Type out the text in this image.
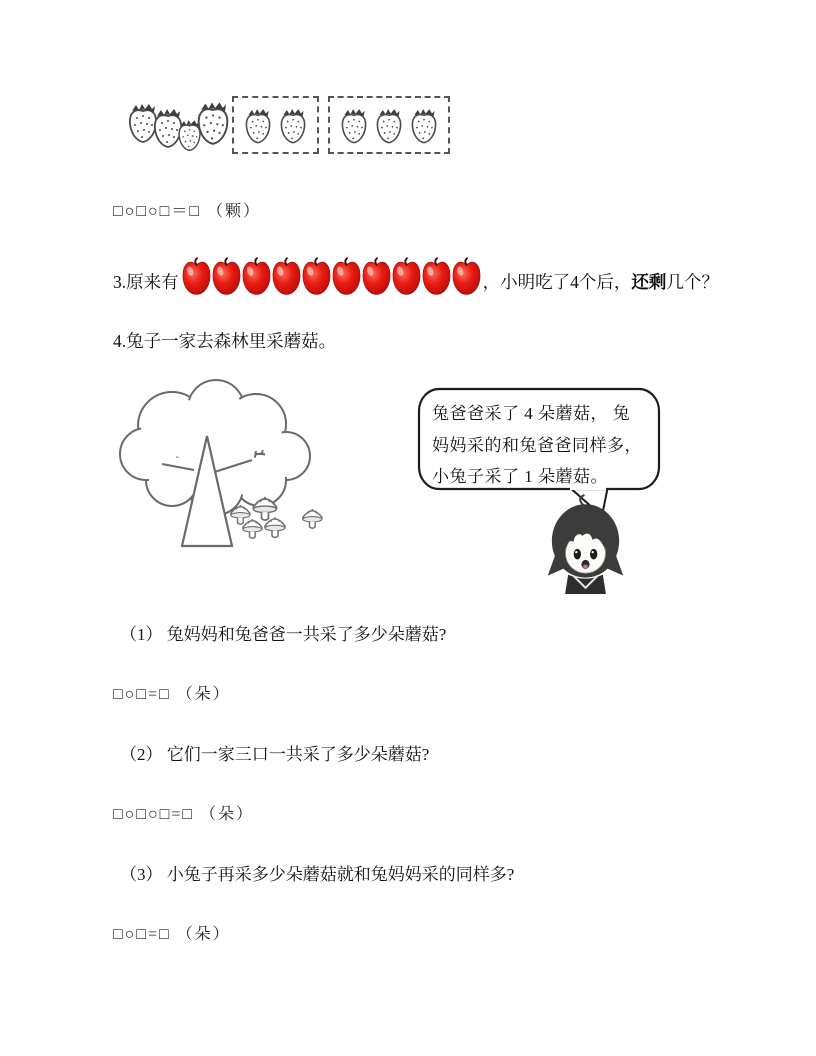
□○□○□＝□ （颗）
3.原来有	，小明吃了4个后， 还剩 几个？
4.兔子一家去森林里采蘑菇。
兔爸爸采了 4 朵蘑菇， 兔
妈妈采的和兔爸爸同样多，
小兔子采了 1 朵蘑菇。
（1） 兔妈妈和兔爸爸一共采了多少朵蘑菇?
□○□=□ （朵）
（2） 它们一家三口一共采了多少朵蘑菇?
□○□○□=□ （朵）
（3） 小兔子再采多少朵蘑菇就和兔妈妈采的同样多?
□○□=□ （朵）
